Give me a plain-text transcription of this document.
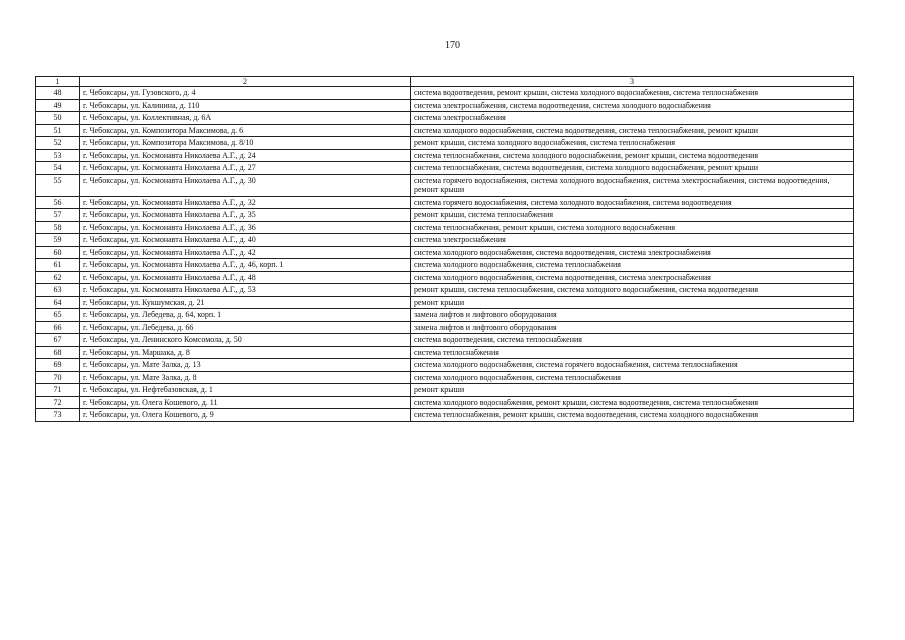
170
1	2	3
48	г. Чебоксары, ул. Гузовского, д. 4	система водоотведения, ремонт крыши, система холодного водоснабжения, система теплоснабжения
49	г. Чебоксары, ул. Калинина, д. 110	система электроснабжения, система водоотведения, система холодного водоснабжения
50	г. Чебоксары, ул. Коллективная, д. 6А	система электроснабжения
51	г. Чебоксары, ул. Композитора Максимова, д. 6	система холодного водоснабжения, система водоотведения, система теплоснабжения, ремонт крыши
52	г. Чебоксары, ул. Композитора Максимова, д. 8/10	ремонт крыши, система холодного водоснабжения, система теплоснабжения
53	г. Чебоксары, ул. Космонавта Николаева А.Г., д. 24	система теплоснабжения, система холодного водоснабжения, ремонт крыши, система водоотведения
54	г. Чебоксары, ул. Космонавта Николаева А.Г., д. 27	система теплоснабжения, система водоотведения, система холодного водоснабжения, ремонт крыши
55	г. Чебоксары, ул. Космонавта Николаева А.Г., д. 30	система горячего водоснабжения, система холодного водоснабжения, система электроснабжения, система водоотведения, ремонт крыши
56	г. Чебоксары, ул. Космонавта Николаева А.Г., д. 32	система горячего водоснабжения, система холодного водоснабжения, система водоотведения
57	г. Чебоксары, ул. Космонавта Николаева А.Г., д. 35	ремонт крыши, система теплоснабжения
58	г. Чебоксары, ул. Космонавта Николаева А.Г., д. 36	система теплоснабжения, ремонт крыши, система холодного водоснабжения
59	г. Чебоксары, ул. Космонавта Николаева А.Г., д. 40	система электроснабжения
60	г. Чебоксары, ул. Космонавта Николаева А.Г., д. 42	система холодного водоснабжения, система водоотведения, система электроснабжения
61	г. Чебоксары, ул. Космонавта Николаева А.Г., д. 46, корп. 1	система холодного водоснабжения, система теплоснабжения
62	г. Чебоксары, ул. Космонавта Николаева А.Г., д. 48	система холодного водоснабжения, система водоотведения, система электроснабжения
63	г. Чебоксары, ул. Космонавта Николаева А.Г., д. 53	ремонт крыши, система теплоснабжения, система холодного водоснабжения, система водоотведения
64	г. Чебоксары, ул. Кукшумская, д. 21	ремонт крыши
65	г. Чебоксары, ул. Лебедева, д. 64, корп. 1	замена лифтов и лифтового оборудования
66	г. Чебоксары, ул. Лебедева, д. 66	замена лифтов и лифтового оборудования
67	г. Чебоксары, ул. Ленинского Комсомола, д. 50	система водоотведения, система теплоснабжения
68	г. Чебоксары, ул. Маршака, д. 8	система теплоснабжения
69	г. Чебоксары, ул. Мате Залка, д. 13	система холодного водоснабжения, система горячего водоснабжения, система теплоснабжения
70	г. Чебоксары, ул. Мате Залка, д. 8	система холодного водоснабжения, система теплоснабжения
71	г. Чебоксары, ул. Нефтебазовская, д. 1	ремонт крыши
72	г. Чебоксары, ул. Олега Кошевого, д. 11	система холодного водоснабжения, ремонт крыши, система водоотведения, система теплоснабжения
73	г. Чебоксары, ул. Олега Кошевого, д. 9	система теплоснабжения, ремонт крыши, система водоотведения, система холодного водоснабжения
